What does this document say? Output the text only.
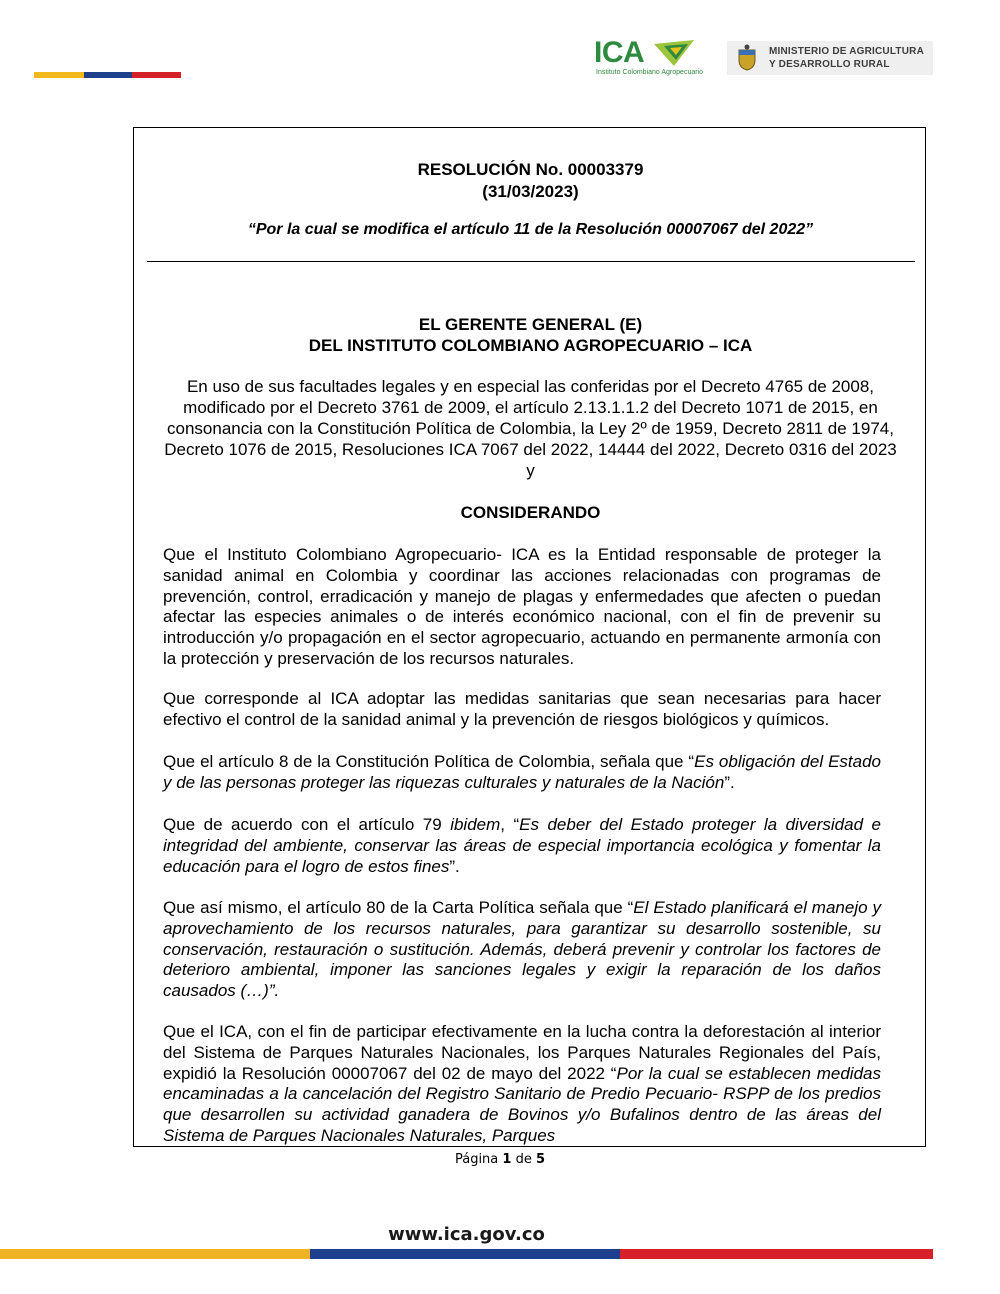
ICA
Instituto Colombiano Agropecuario
MINISTERIO DE AGRICULTURA
Y DESARROLLO RURAL
RESOLUCIÓN No. 00003379
(31/03/2023)
“Por la cual se modifica el artículo 11 de la Resolución 00007067 del 2022”
EL GERENTE GENERAL (E)
DEL INSTITUTO COLOMBIANO AGROPECUARIO – ICA
En uso de sus facultades legales y en especial las conferidas por el Decreto 4765 de 2008, modificado por el Decreto 3761 de 2009, el artículo 2.13.1.1.2 del Decreto 1071 de 2015, en consonancia con la Constitución Política de Colombia, la Ley 2º de 1959, Decreto 2811 de 1974, Decreto 1076 de 2015, Resoluciones ICA 7067 del 2022, 14444 del 2022, Decreto 0316 del 2023 y
CONSIDERANDO
Que el Instituto Colombiano Agropecuario- ICA es la Entidad responsable de proteger la sanidad animal en Colombia y coordinar las acciones relacionadas con programas de prevención, control, erradicación y manejo de plagas y enfermedades que afecten o puedan afectar las especies animales o de interés económico nacional, con el fin de prevenir su introducción y/o propagación en el sector agropecuario, actuando en permanente armonía con la protección y preservación de los recursos naturales.
Que corresponde al ICA adoptar las medidas sanitarias que sean necesarias para hacer efectivo el control de la sanidad animal y la prevención de riesgos biológicos y químicos.
Que el artículo 8 de la Constitución Política de Colombia, señala que “Es obligación del Estado y de las personas proteger las riquezas culturales y naturales de la Nación”.
Que de acuerdo con el artículo 79 ibidem, “Es deber del Estado proteger la diversidad e integridad del ambiente, conservar las áreas de especial importancia ecológica y fomentar la educación para el logro de estos fines”.
Que así mismo, el artículo 80 de la Carta Política señala que “El Estado planificará el manejo y aprovechamiento de los recursos naturales, para garantizar su desarrollo sostenible, su conservación, restauración o sustitución. Además, deberá prevenir y controlar los factores de deterioro ambiental, imponer las sanciones legales y exigir la reparación de los daños causados (…)”.
Que el ICA, con el fin de participar efectivamente en la lucha contra la deforestación al interior del Sistema de Parques Naturales Nacionales, los Parques Naturales Regionales del País, expidió la Resolución 00007067 del 02 de mayo del 2022 “Por la cual se establecen medidas encaminadas a la cancelación del Registro Sanitario de Predio Pecuario- RSPP de los predios que desarrollen su actividad ganadera de Bovinos y/o Bufalinos dentro de las áreas del Sistema de Parques Nacionales Naturales, Parques
Página 1 de 5
www.ica.gov.co
